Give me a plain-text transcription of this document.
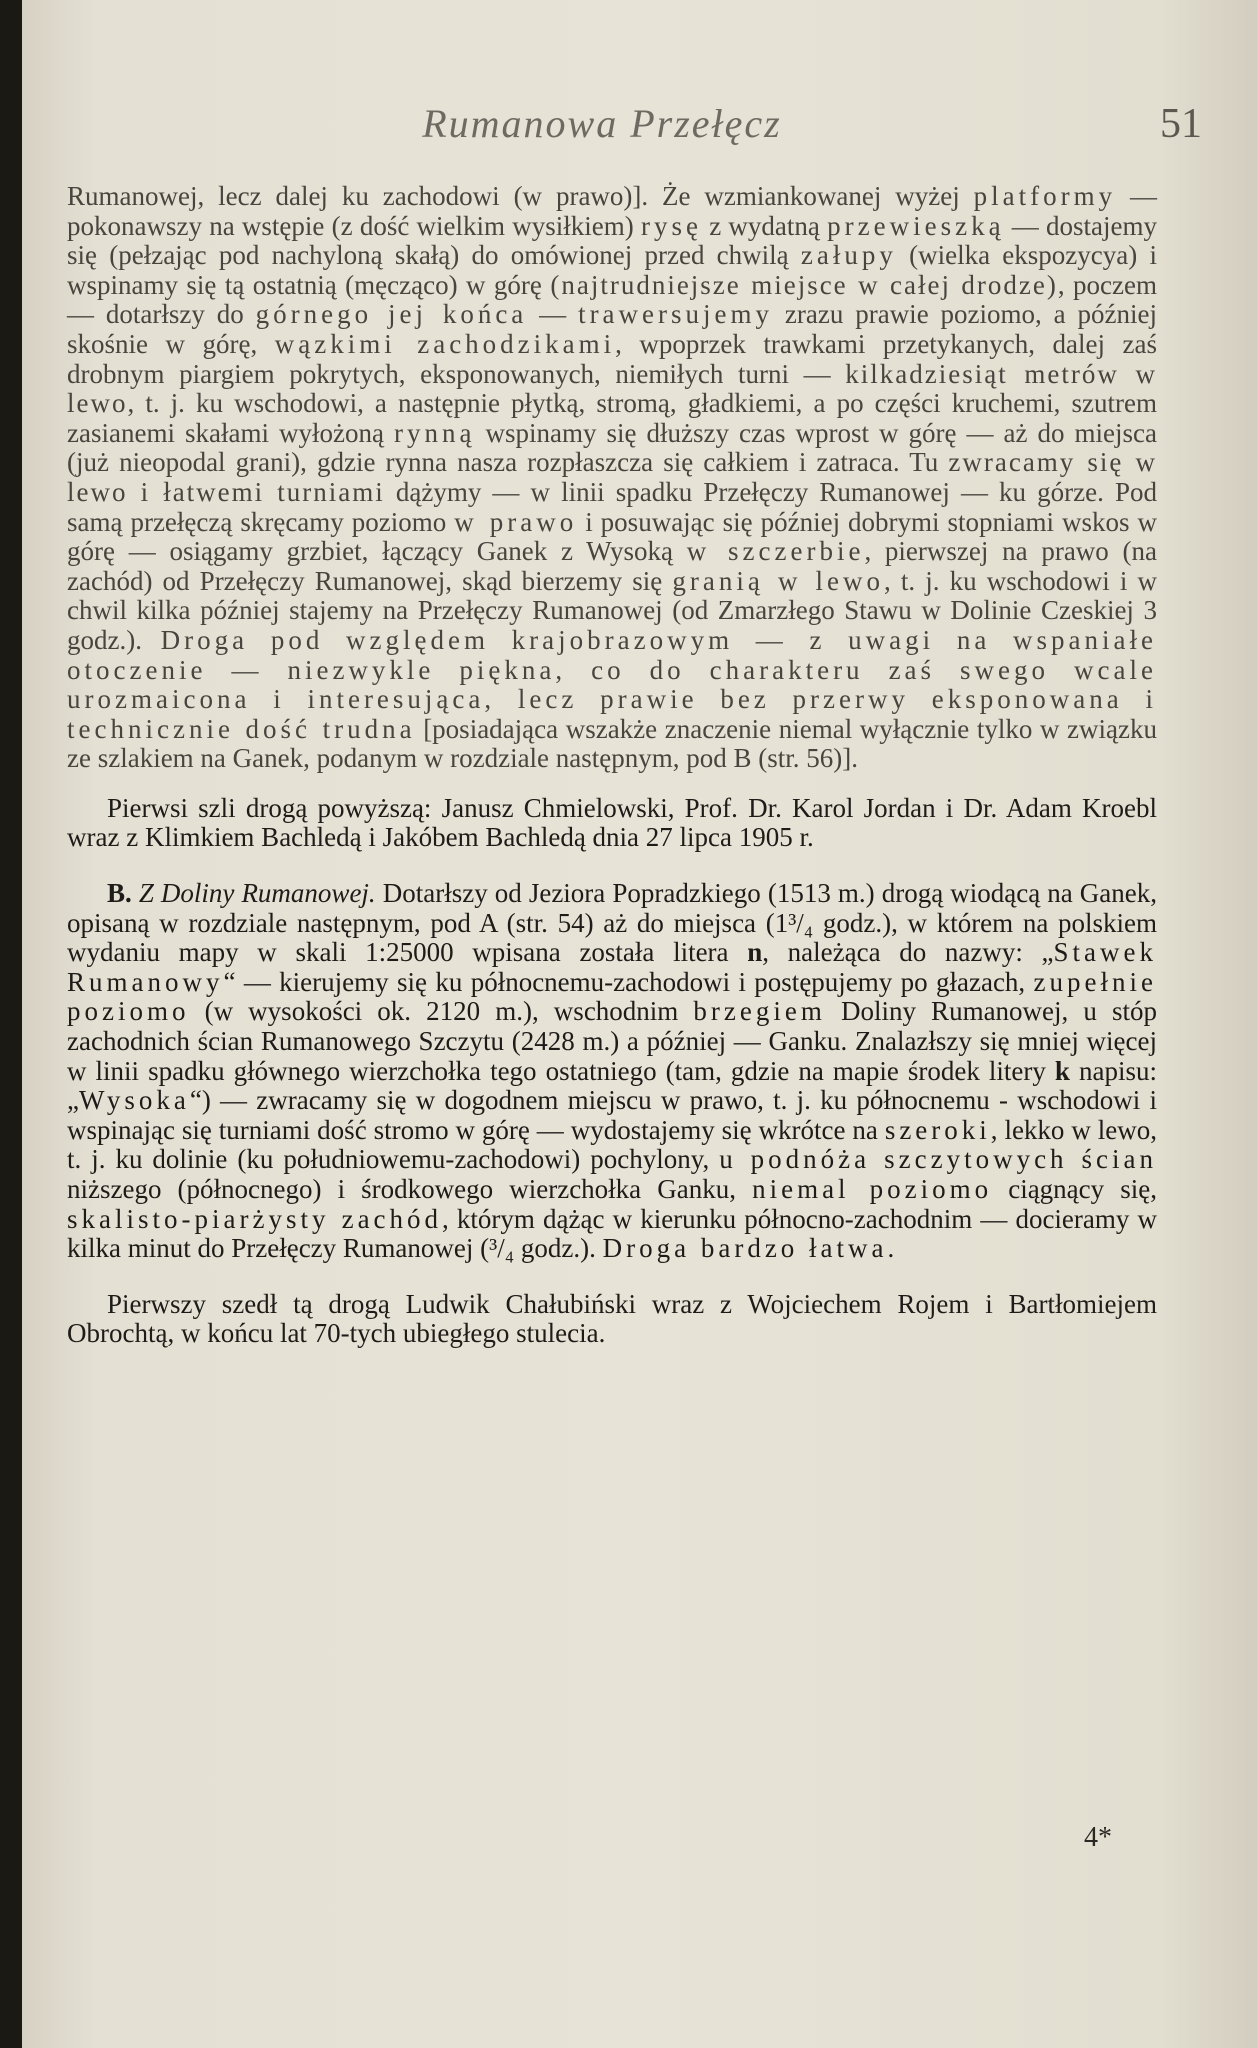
Rumanowa Przełęcz	51

Rumanowej, lecz dalej ku zachodowi (w prawo)]. Że wzmiankowanej wyżej platformy — pokonawszy na wstępie (z dość wielkim wysiłkiem) rysę z wydatną przewieszką — dostajemy się (pełzając pod nachyloną skałą) do omówionej przed chwilą załupy (wielka ekspozycya) i wspinamy się tą ostatnią (męcząco) w górę (najtrudniejsze miejsce w całej drodze), poczem — dotarłszy do górnego jej końca — trawersujemy zrazu prawie poziomo, a później skośnie w górę, wązkimi zachodzikami, wpoprzek trawkami przetykanych, dalej zaś drobnym piargiem pokrytych, eksponowanych, niemiłych turni — kilkadziesiąt metrów w lewo, t. j. ku wschodowi, a następnie płytką, stromą, gładkiemi, a po części kruchemi, szutrem zasianemi skałami wyłożoną rynną wspinamy się dłuższy czas wprost w górę — aż do miejsca (już nieopodal grani), gdzie rynna nasza rozpłaszcza się całkiem i zatraca. Tu zwracamy się w lewo i łatwemi turniami dążymy — w linii spadku Przełęczy Rumanowej — ku górze. Pod samą przełęczą skręcamy poziomo w prawo i posuwając się później dobrymi stopniami wskos w górę — osiągamy grzbiet, łączący Ganek z Wysoką w szczerbie, pierwszej na prawo (na zachód) od Przełęczy Rumanowej, skąd bierzemy się granią w lewo, t. j. ku wschodowi i w chwil kilka później stajemy na Przełęczy Rumanowej (od Zmarzłego Stawu w Dolinie Czeskiej 3 godz.). Droga pod względem krajobrazowym — z uwagi na wspaniałe otoczenie — niezwykle piękna, co do charakteru zaś swego wcale urozmaicona i interesująca, lecz prawie bez przerwy eksponowana i technicznie dość trudna [posiadająca wszakże znaczenie niemal wyłącznie tylko w związku ze szlakiem na Ganek, podanym w rozdziale następnym, pod B (str. 56)].

Pierwsi szli drogą powyższą: Janusz Chmielowski, Prof. Dr. Karol Jordan i Dr. Adam Kroebl wraz z Klimkiem Bachledą i Jakóbem Bachledą dnia 27 lipca 1905 r.

B. Z Doliny Rumanowej. Dotarłszy od Jeziora Popradzkiego (1513 m.) drogą wiodącą na Ganek, opisaną w rozdziale następnym, pod A (str. 54) aż do miejsca (1³/₄ godz.), w którem na polskiem wydaniu mapy w skali 1:25000 wpisana została litera n, należąca do nazwy: „Stawek Rumanowy“ — kierujemy się ku północnemu-zachodowi i postępujemy po głazach, zupełnie poziomo (w wysokości ok. 2120 m.), wschodnim brzegiem Doliny Rumanowej, u stóp zachodnich ścian Rumanowego Szczytu (2428 m.) a później — Ganku. Znalazłszy się mniej więcej w linii spadku głównego wierzchołka tego ostatniego (tam, gdzie na mapie środek litery k napisu: „Wysoka“) — zwracamy się w dogodnem miejscu w prawo, t. j. ku północnemu - wschodowi i wspinając się turniami dość stromo w górę — wydostajemy się wkrótce na szeroki, lekko w lewo, t. j. ku dolinie (ku południowemu-zachodowi) pochylony, u podnóża szczytowych ścian niższego (północnego) i środkowego wierzchołka Ganku, niemal poziomo ciągnący się, skalisto-piarżysty zachód, którym dążąc w kierunku północno-zachodnim — docieramy w kilka minut do Przełęczy Rumanowej (³/₄ godz.). Droga bardzo łatwa.

Pierwszy szedł tą drogą Ludwik Chałubiński wraz z Wojciechem Rojem i Bartłomiejem Obrochtą, w końcu lat 70-tych ubiegłego stulecia.

4*
